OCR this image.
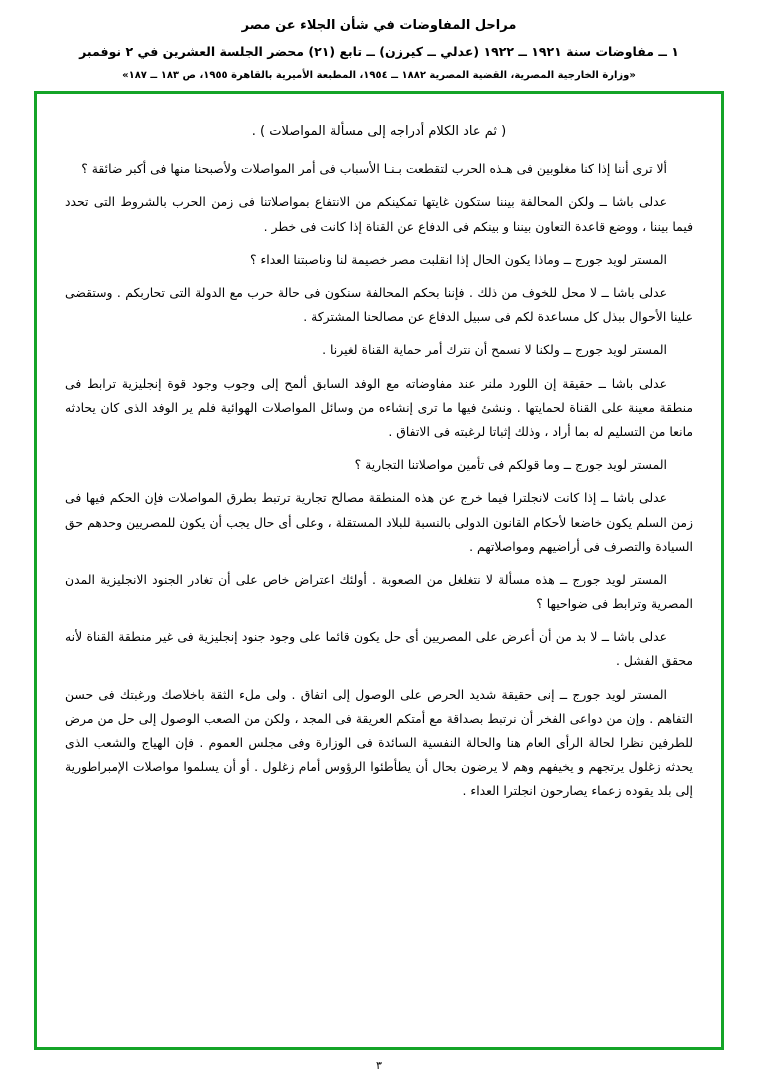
مراحل المفاوضات في شأن الجلاء عن مصر
١ ــ مفاوضات سنة ١٩٢١ ــ ١٩٢٢ (عدلي ــ كيرزن) ــ تابع (٢١) محضر الجلسة العشرين في ٢ نوفمبر
«وزارة الخارجية المصرية، القضية المصرية ١٨٨٢ ــ ١٩٥٤، المطبعة الأميرية بالقاهرة ١٩٥٥، ص ١٨٣ ــ ١٨٧»
( ثم عاد الكلام أدراجه إلى مسألة المواصلات ) .

ألا ترى أننا إذا كنا مغلوبين فى هـذه الحرب لتقطعت بـنـا الأسباب فى أمر المواصلات ولأصبحنا منها فى أكبر ضائقة ؟

عدلى باشا ــ ولكن المحالفة بيننا ستكون غايتها تمكينكم من الانتفاع بمواصلاتنا فى زمن الحرب بالشروط التى تحدد فيما بيننا ، ووضع قاعدة التعاون بيننا و بينكم فى الدفاع عن القناة إذا كانت فى خطر .

المستر لويد جورج ــ وماذا يكون الحال إذا انقلبت مصر خصيمة لنا وناصبتنا العداء ؟

عدلى باشا ــ لا محل للخوف من ذلك . فإننا بحكم المحالفة سنكون فى حالة حرب مع الدولة التى تحاربكم . وستقضى علينا الأحوال ببذل كل مساعدة لكم فى سبيل الدفاع عن مصالحنا المشتركة .

المستر لويد جورج ــ ولكنا لا نسمح أن نترك أمر حماية القناة لغيرنا .

عدلى باشا ــ حقيقة إن اللورد ملنر عند مفاوضاته مع الوفد السابق ألمح إلى وجوب وجود قوة إنجليزية ترابط فى منطقة معينة على القناة لحمايتها . ونشئ فيها ما ترى إنشاءه من وسائل المواصلات الهوائية فلم ير الوفد الذى كان يحادثه مانعا من التسليم له بما أراد ، وذلك إثباتا لرغبته فى الاتفاق .

المستر لويد جورج ــ وما قولكم فى تأمين مواصلاتنا التجارية ؟

عدلى باشا ــ إذا كانت لانجلترا فيما خرج عن هذه المنطقة مصالح تجارية ترتبط بطرق المواصلات فإن الحكم فيها فى زمن السلم يكون خاضعا لأحكام القانون الدولى بالنسبة للبلاد المستقلة ، وعلى أى حال يجب أن يكون للمصريين وحدهم حق السيادة والتصرف فى أراضيهم ومواصلاتهم .

المستر لويد جورج ــ هذه مسألة لا نتغلغل من الصعوبة . أولئك اعتراض خاص على أن تغادر الجنود الانجليزية المدن المصرية وترابط فى ضواحيها ؟

عدلى باشا ــ لا بد من أن أعرض على المصريين أى حل يكون قائما على وجود جنود إنجليزية فى غير منطقة القناة لأنه محقق الفشل .

المستر لويد جورج ــ إنى حقيقة شديد الحرص على الوصول إلى اتفاق . ولى ملء الثقة باخلاصك ورغبتك فى حسن التفاهم . وإن من دواعى الفخر أن نرتبط بصداقة مع أمتكم العريقة فى المجد ، ولكن من الصعب الوصول إلى حل من مرض للطرفين نظرا لحالة الرأى العام هنا والحالة النفسية السائدة فى الوزارة وفى مجلس العموم . فإن الهياج والشعب الذى يحدثه زغلول يرتجهم و يخيفهم وهم لا يرضون بحال أن يطأطئوا الرؤوس أمام زغلول . أو أن يسلموا مواصلات الإمبراطورية إلى بلد يقوده زعماء يصارحون انجلترا العداء .

٣
